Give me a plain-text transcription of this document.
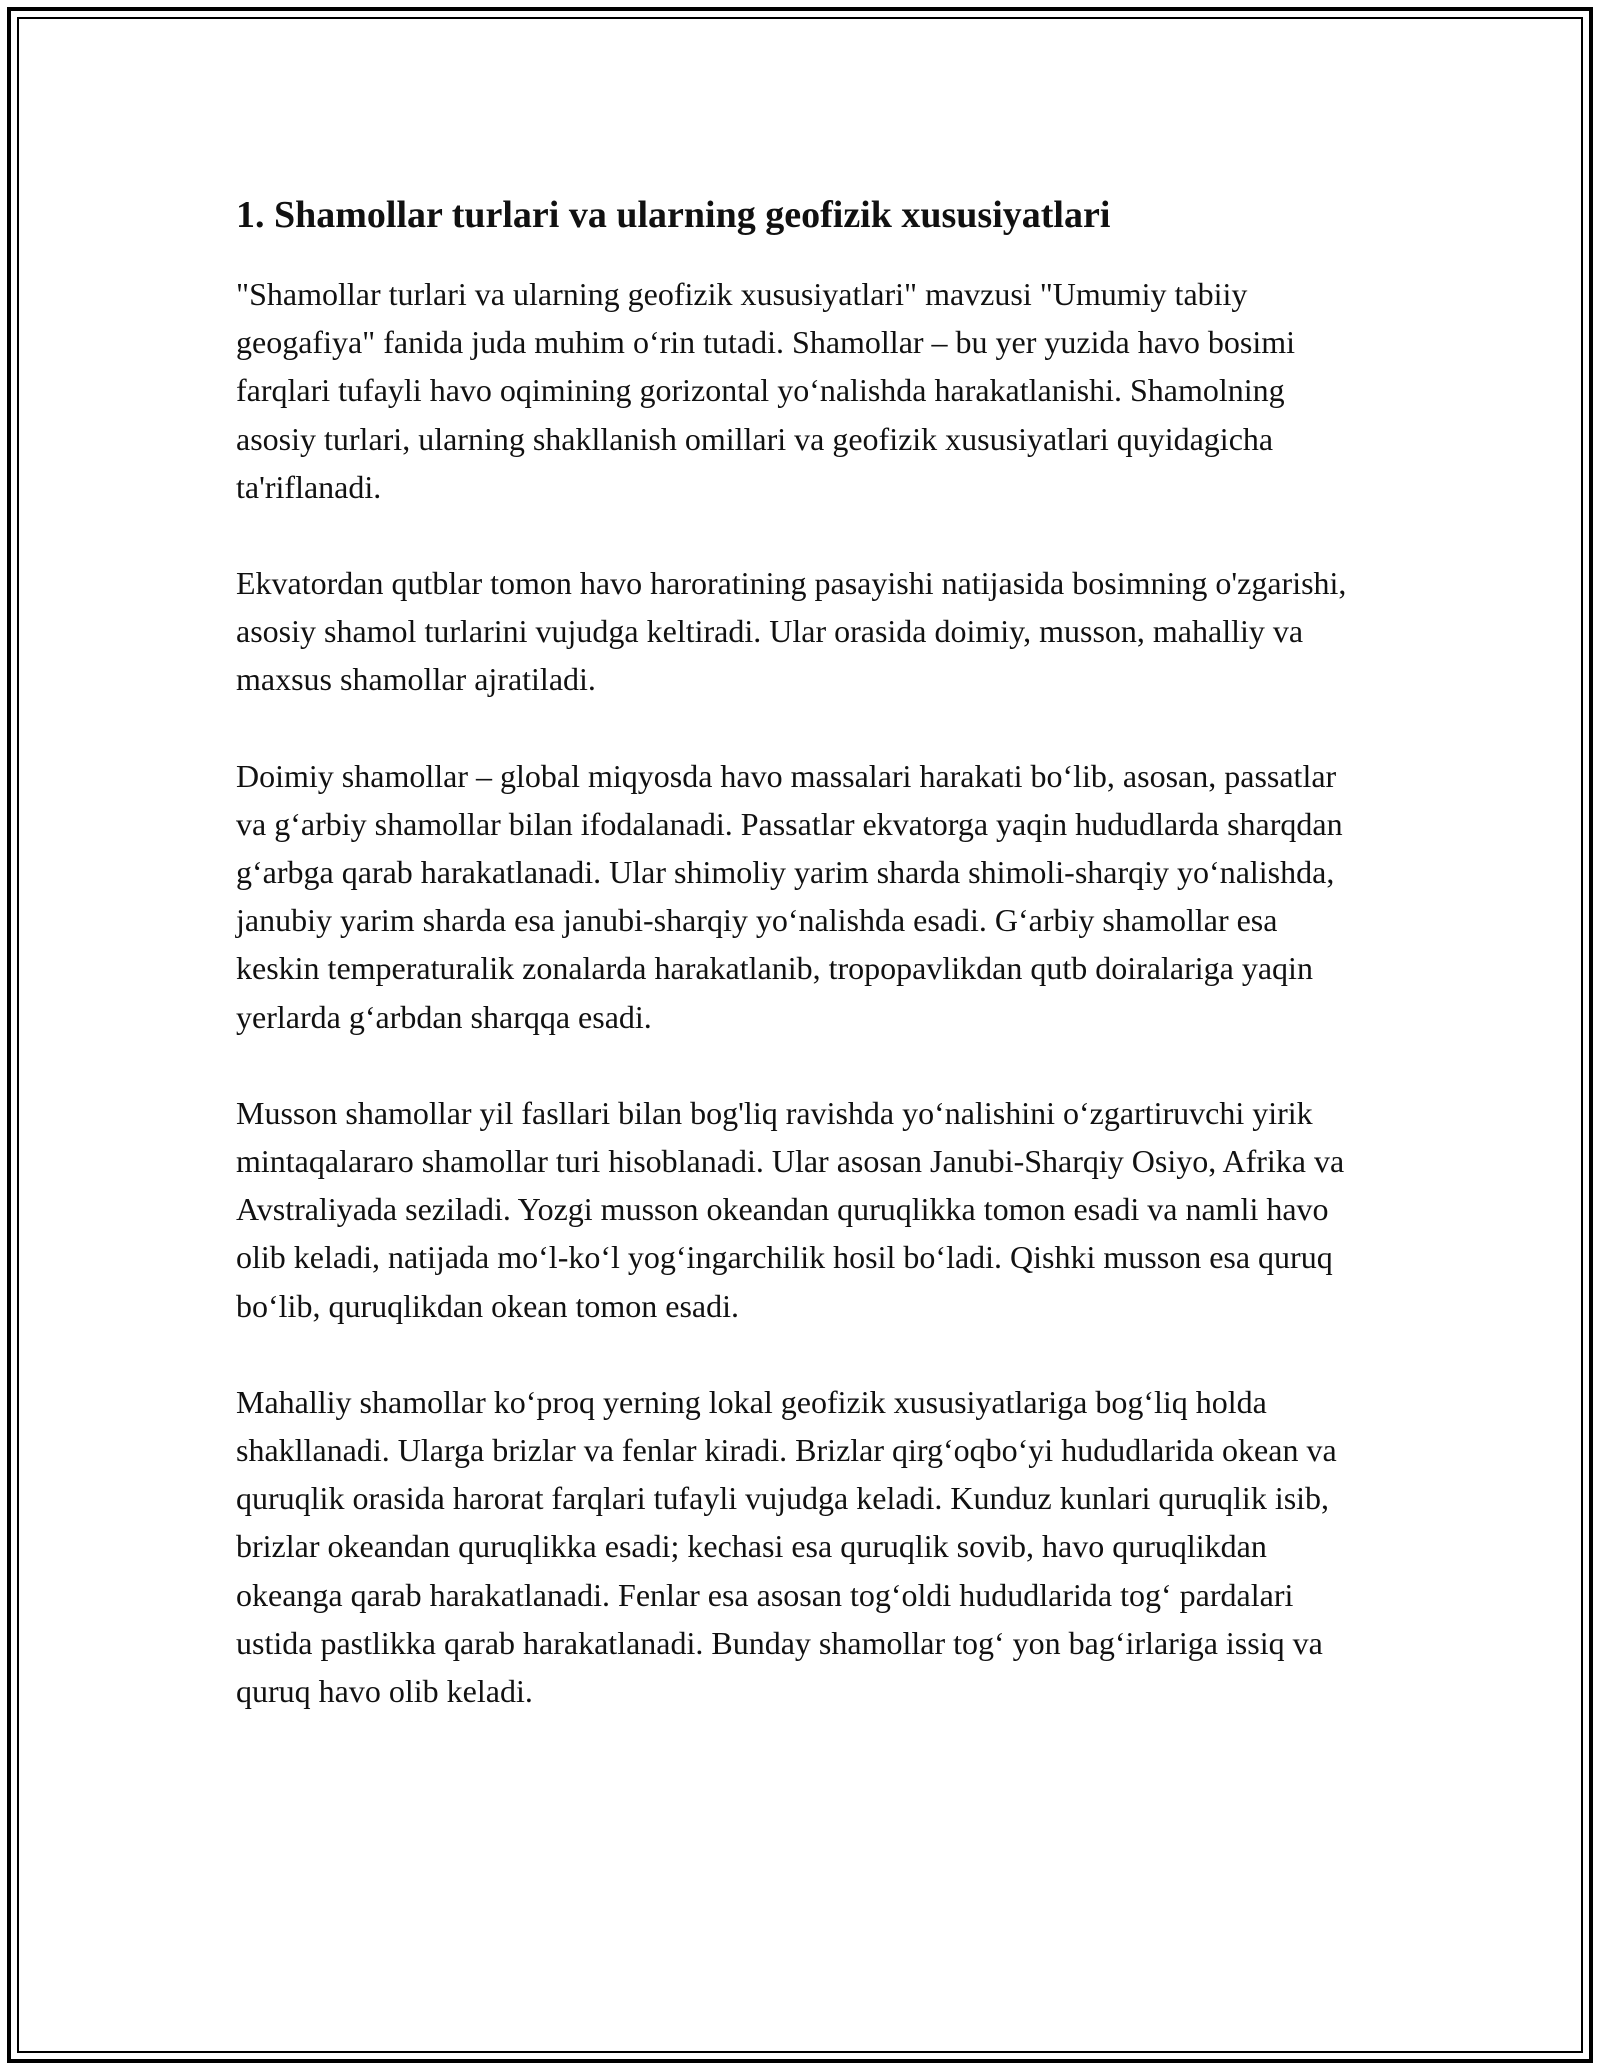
1. Shamollar turlari va ularning geofizik xususiyatlari

"Shamollar turlari va ularning geofizik xususiyatlari" mavzusi "Umumiy tabiiy geogafiya" fanida juda muhim o‘rin tutadi. Shamollar – bu yer yuzida havo bosimi farqlari tufayli havo oqimining gorizontal yo‘nalishda harakatlanishi. Shamolning asosiy turlari, ularning shakllanish omillari va geofizik xususiyatlari quyidagicha ta'riflanadi.

Ekvatordan qutblar tomon havo haroratining pasayishi natijasida bosimning o'zgarishi, asosiy shamol turlarini vujudga keltiradi. Ular orasida doimiy, musson, mahalliy va maxsus shamollar ajratiladi.

Doimiy shamollar – global miqyosda havo massalari harakati bo‘lib, asosan, passatlar va g‘arbiy shamollar bilan ifodalanadi. Passatlar ekvatorga yaqin hududlarda sharqdan g‘arbga qarab harakatlanadi. Ular shimoliy yarim sharda shimoli-sharqiy yo‘nalishda, janubiy yarim sharda esa janubi-sharqiy yo‘nalishda esadi. G‘arbiy shamollar esa keskin temperaturalik zonalarda harakatlanib, tropopavlikdan qutb doiralariga yaqin yerlarda g‘arbdan sharqqa esadi.

Musson shamollar yil fasllari bilan bog'liq ravishda yo‘nalishini o‘zgartiruvchi yirik mintaqalararo shamollar turi hisoblanadi. Ular asosan Janubi-Sharqiy Osiyo, Afrika va Avstraliyada seziladi. Yozgi musson okeandan quruqlikka tomon esadi va namli havo olib keladi, natijada mo‘l-ko‘l yog‘ingarchilik hosil bo‘ladi. Qishki musson esa quruq bo‘lib, quruqlikdan okean tomon esadi.

Mahalliy shamollar ko‘proq yerning lokal geofizik xususiyatlariga bog‘liq holda shakllanadi. Ularga brizlar va fenlar kiradi. Brizlar qirg‘oqbo‘yi hududlarida okean va quruqlik orasida harorat farqlari tufayli vujudga keladi. Kunduz kunlari quruqlik isib, brizlar okeandan quruqlikka esadi; kechasi esa quruqlik sovib, havo quruqlikdan okeanga qarab harakatlanadi. Fenlar esa asosan tog‘oldi hududlarida tog‘ pardalari ustida pastlikka qarab harakatlanadi. Bunday shamollar tog‘ yon bag‘irlariga issiq va quruq havo olib keladi.
